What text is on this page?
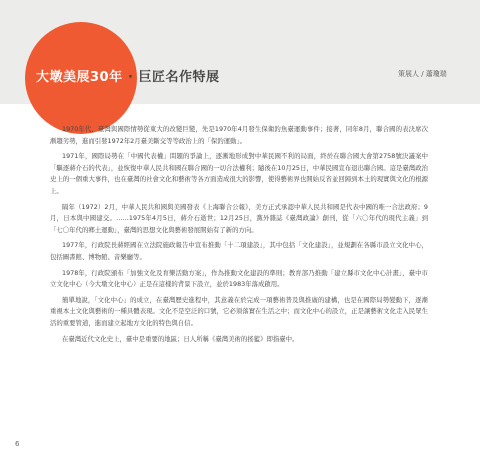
大墩美展30年 · 巨匠名作特展	策展人 / 蕭瓊瑞

1970年代，臺灣與國際情勢從東大的改變巨變，先是1970年4月發生保衛釣魚臺運動事件；接著，同年8月，聯合國的表決席次漸趨劣勢，進而引發1972年2月臺美斷交等等政治上的「保釣運動」。

1971年，國際局勢在「中國代表權」問題的爭論上，逐漸地形成對中華民國不利的局面，終於在聯合國大會第2758號決議案中「驅逐蔣介石的代表」，並恢復中華人民共和國在聯合國的一切合法權利；隨後在10月25日，中華民國宣布退出聯合國。這是臺灣政治史上的一個重大事件，也在臺灣的社會文化和藝術等各方面造成很大的影響，使得藝術界也開始反省並回歸到本土的現實與文化的根源上。

隔年（1972）2月，中華人民共和國與美國發表《上海聯合公報》，美方正式承認中華人民共和國是代表中國的唯一合法政府；9月，日本與中國建交。……1975年4月5日，蔣介石逝世；12月25日，黨外雜誌《臺灣政論》創刊，從「六〇年代的現代主義」到「七〇年代的鄉土運動」，臺灣的思想文化與藝術發展開始有了新的方向。

1977年，行政院長蔣經國在立法院施政報告中宣布推動「十二項建設」，其中包括「文化建設」，並規劃在各縣市設立文化中心，包括圖書館、博物館、音樂廳等。

1978年，行政院頒布「加強文化及育樂活動方案」，作為推動文化建設的準則；教育部乃推動「建立縣市文化中心計畫」，臺中市立文化中心（今大墩文化中心）正是在這樣的背景下設立，並於1983年落成啟用。

簡單地說，「文化中心」的成立，在臺灣歷史進程中，其意義在於完成一項藝術普及與推廣的建構，也是在國際局勢變動下，逐漸重視本土文化與藝術的一種具體表現。文化不是空泛的口號，它必須落實在生活之中；而文化中心的設立，正是讓藝術文化走入民眾生活的重要管道，進而建立起地方文化的特色與自信。

在臺灣近代文化史上，臺中是重要的地區；日人所稱《臺灣美術的搖籃》即指臺中。

6
